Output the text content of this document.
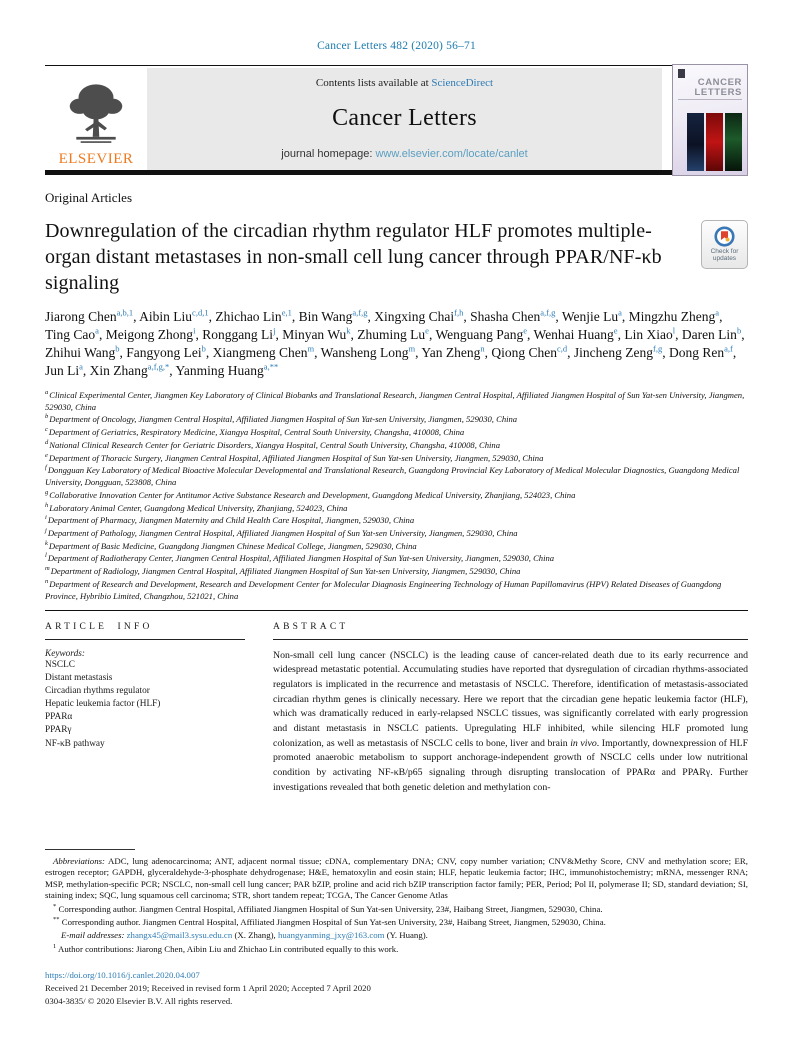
Cancer Letters 482 (2020) 56–71
ELSEVIER
Contents lists available at ScienceDirect
Cancer Letters
journal homepage: www.elsevier.com/locate/canlet
CANCER
LETTERS
Original Articles
Check for
updates
Downregulation of the circadian rhythm regulator HLF promotes multiple-organ distant metastases in non-small cell lung cancer through PPAR/NF-κb signaling

Jiarong Chen$^{a,b,1}$, Aibin Liu$^{c,d,1}$, Zhichao Lin$^{e,1}$, Bin Wang$^{a,f,g}$, Xingxing Chai$^{f,h}$, Shasha Chen$^{a,f,g}$, Wenjie Lu$^a$, Mingzhu Zheng$^a$, Ting Cao$^a$, Meigong Zhong$^i$, Ronggang Li$^j$, Minyan Wu$^k$, Zhuming Lu$^e$, Wenguang Pang$^e$, Wenhai Huang$^e$, Lin Xiao$^l$, Daren Lin$^b$, Zhihui Wang$^b$, Fangyong Lei$^b$, Xiangmeng Chen$^m$, Wansheng Long$^m$, Yan Zheng$^n$, Qiong Chen$^{c,d}$, Jincheng Zeng$^{f,g}$, Dong Ren$^{a,f}$, Jun Li$^a$, Xin Zhang$^{a,f,g,*}$, Yanming Huang$^{a,**}$

$^a$Clinical Experimental Center, Jiangmen Key Laboratory of Clinical Biobanks and Translational Research, Jiangmen Central Hospital, Affiliated Jiangmen Hospital of Sun Yat-sen University, Jiangmen, 529030, China
$^b$Department of Oncology, Jiangmen Central Hospital, Affiliated Jiangmen Hospital of Sun Yat-sen University, Jiangmen, 529030, China
$^c$Department of Geriatrics, Respiratory Medicine, Xiangya Hospital, Central South University, Changsha, 410008, China
$^d$National Clinical Research Center for Geriatric Disorders, Xiangya Hospital, Central South University, Changsha, 410008, China
$^e$Department of Thoracic Surgery, Jiangmen Central Hospital, Affiliated Jiangmen Hospital of Sun Yat-sen University, Jiangmen, 529030, China
$^f$Dongguan Key Laboratory of Medical Bioactive Molecular Developmental and Translational Research, Guangdong Provincial Key Laboratory of Medical Molecular Diagnostics, Guangdong Medical University, Dongguan, 523808, China
$^g$Collaborative Innovation Center for Antitumor Active Substance Research and Development, Guangdong Medical University, Zhanjiang, 524023, China
$^h$Laboratory Animal Center, Guangdong Medical University, Zhanjiang, 524023, China
$^i$Department of Pharmacy, Jiangmen Maternity and Child Health Care Hospital, Jiangmen, 529030, China
$^j$Department of Pathology, Jiangmen Central Hospital, Affiliated Jiangmen Hospital of Sun Yat-sen University, Jiangmen, 529030, China
$^k$Department of Basic Medicine, Guangdong Jiangmen Chinese Medical College, Jiangmen, 529030, China
$^l$Department of Radiotherapy Center, Jiangmen Central Hospital, Affiliated Jiangmen Hospital of Sun Yat-sen University, Jiangmen, 529030, China
$^m$Department of Radiology, Jiangmen Central Hospital, Affiliated Jiangmen Hospital of Sun Yat-sen University, Jiangmen, 529030, China
$^n$Department of Research and Development, Research and Development Center for Molecular Diagnosis Engineering Technology of Human Papillomavirus (HPV) Related Diseases of Guangdong Province, Hybribio Limited, Changzhou, 521021, China
ARTICLE INFO
Keywords:
NSCLC
Distant metastasis
Circadian rhythms regulator
Hepatic leukemia factor (HLF)
PPARα
PPARγ
NF-κB pathway
ABSTRACT

Non-small cell lung cancer (NSCLC) is the leading cause of cancer-related death due to its early recurrence and widespread metastatic potential. Accumulating studies have reported that dysregulation of circadian rhythms-associated regulators is implicated in the recurrence and metastasis of NSCLC. Therefore, identification of metastasis-associated circadian rhythm genes is clinically necessary. Here we report that the circadian gene hepatic leukemia factor (HLF), which was dramatically reduced in early-relapsed NSCLC tissues, was significantly correlated with early progression and distant metastasis in NSCLC patients. Upregulating HLF inhibited, while silencing HLF promoted lung colonization, as well as metastasis of NSCLC cells to bone, liver and brain in vivo. Importantly, downexpression of HLF promoted anaerobic metabolism to support anchorage-independent growth of NSCLC cells under low nutritional condition by activating NF-κB/p65 signaling through disrupting translocation of PPARα and PPARγ. Further investigations revealed that both genetic deletion and methylation con-

Abbreviations: ADC, lung adenocarcinoma; ANT, adjacent normal tissue; cDNA, complementary DNA; CNV, copy number variation; CNV&Methy Score, CNV and methylation score; ER, estrogen receptor; GAPDH, glyceraldehyde-3-phosphate dehydrogenase; H&E, hematoxylin and eosin stain; HLF, hepatic leukemia factor; IHC, immunohistochemistry; mRNA, messenger RNA; MSP, methylation-specific PCR; NSCLC, non-small cell lung cancer; PAR bZIP, proline and acid rich bZIP transcription factor family; PER, Period; Pol II, polymerase II; SD, standard deviation; SI, staining index; SQC, lung squamous cell carcinoma; STR, short tandem repeat; TCGA, The Cancer Genome Atlas

* Corresponding author. Jiangmen Central Hospital, Affiliated Jiangmen Hospital of Sun Yat-sen University, 23#, Haibang Street, Jiangmen, 529030, China.

** Corresponding author. Jiangmen Central Hospital, Affiliated Jiangmen Hospital of Sun Yat-sen University, 23#, Haibang Street, Jiangmen, 529030, China.

E-mail addresses: zhangx45@mail3.sysu.edu.cn (X. Zhang), huangyanming_jxy@163.com (Y. Huang).

$^1$ Author contributions: Jiarong Chen, Aibin Liu and Zhichao Lin contributed equally to this work.

https://doi.org/10.1016/j.canlet.2020.04.007
Received 21 December 2019; Received in revised form 1 April 2020; Accepted 7 April 2020
0304-3835/ © 2020 Elsevier B.V. All rights reserved.
